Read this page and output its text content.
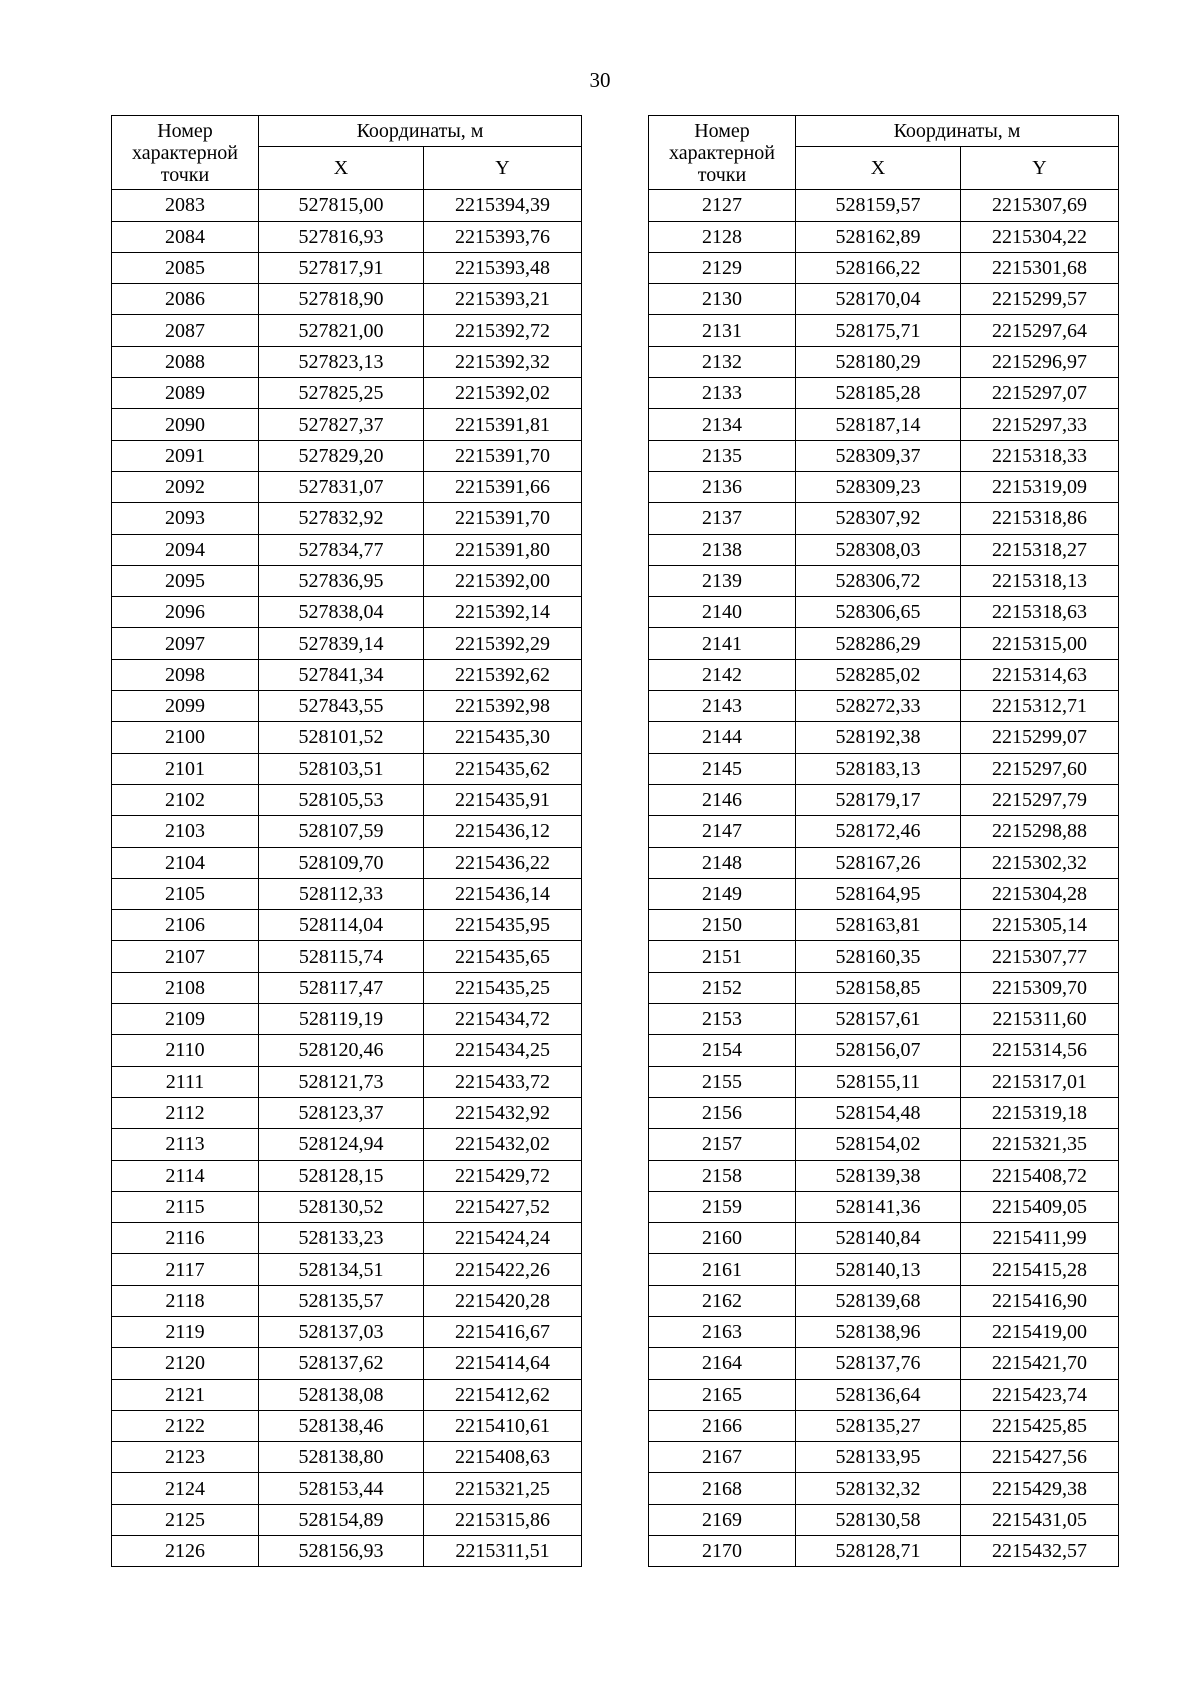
30
Номер характерной точки	Координаты, м	
	X	Y
2083	527815,00	2215394,39
2084	527816,93	2215393,76
2085	527817,91	2215393,48
2086	527818,90	2215393,21
2087	527821,00	2215392,72
2088	527823,13	2215392,32
2089	527825,25	2215392,02
2090	527827,37	2215391,81
2091	527829,20	2215391,70
2092	527831,07	2215391,66
2093	527832,92	2215391,70
2094	527834,77	2215391,80
2095	527836,95	2215392,00
2096	527838,04	2215392,14
2097	527839,14	2215392,29
2098	527841,34	2215392,62
2099	527843,55	2215392,98
2100	528101,52	2215435,30
2101	528103,51	2215435,62
2102	528105,53	2215435,91
2103	528107,59	2215436,12
2104	528109,70	2215436,22
2105	528112,33	2215436,14
2106	528114,04	2215435,95
2107	528115,74	2215435,65
2108	528117,47	2215435,25
2109	528119,19	2215434,72
2110	528120,46	2215434,25
2111	528121,73	2215433,72
2112	528123,37	2215432,92
2113	528124,94	2215432,02
2114	528128,15	2215429,72
2115	528130,52	2215427,52
2116	528133,23	2215424,24
2117	528134,51	2215422,26
2118	528135,57	2215420,28
2119	528137,03	2215416,67
2120	528137,62	2215414,64
2121	528138,08	2215412,62
2122	528138,46	2215410,61
2123	528138,80	2215408,63
2124	528153,44	2215321,25
2125	528154,89	2215315,86
2126	528156,93	2215311,51
Номер характерной точки	Координаты, м	
	X	Y
2127	528159,57	2215307,69
2128	528162,89	2215304,22
2129	528166,22	2215301,68
2130	528170,04	2215299,57
2131	528175,71	2215297,64
2132	528180,29	2215296,97
2133	528185,28	2215297,07
2134	528187,14	2215297,33
2135	528309,37	2215318,33
2136	528309,23	2215319,09
2137	528307,92	2215318,86
2138	528308,03	2215318,27
2139	528306,72	2215318,13
2140	528306,65	2215318,63
2141	528286,29	2215315,00
2142	528285,02	2215314,63
2143	528272,33	2215312,71
2144	528192,38	2215299,07
2145	528183,13	2215297,60
2146	528179,17	2215297,79
2147	528172,46	2215298,88
2148	528167,26	2215302,32
2149	528164,95	2215304,28
2150	528163,81	2215305,14
2151	528160,35	2215307,77
2152	528158,85	2215309,70
2153	528157,61	2215311,60
2154	528156,07	2215314,56
2155	528155,11	2215317,01
2156	528154,48	2215319,18
2157	528154,02	2215321,35
2158	528139,38	2215408,72
2159	528141,36	2215409,05
2160	528140,84	2215411,99
2161	528140,13	2215415,28
2162	528139,68	2215416,90
2163	528138,96	2215419,00
2164	528137,76	2215421,70
2165	528136,64	2215423,74
2166	528135,27	2215425,85
2167	528133,95	2215427,56
2168	528132,32	2215429,38
2169	528130,58	2215431,05
2170	528128,71	2215432,57
